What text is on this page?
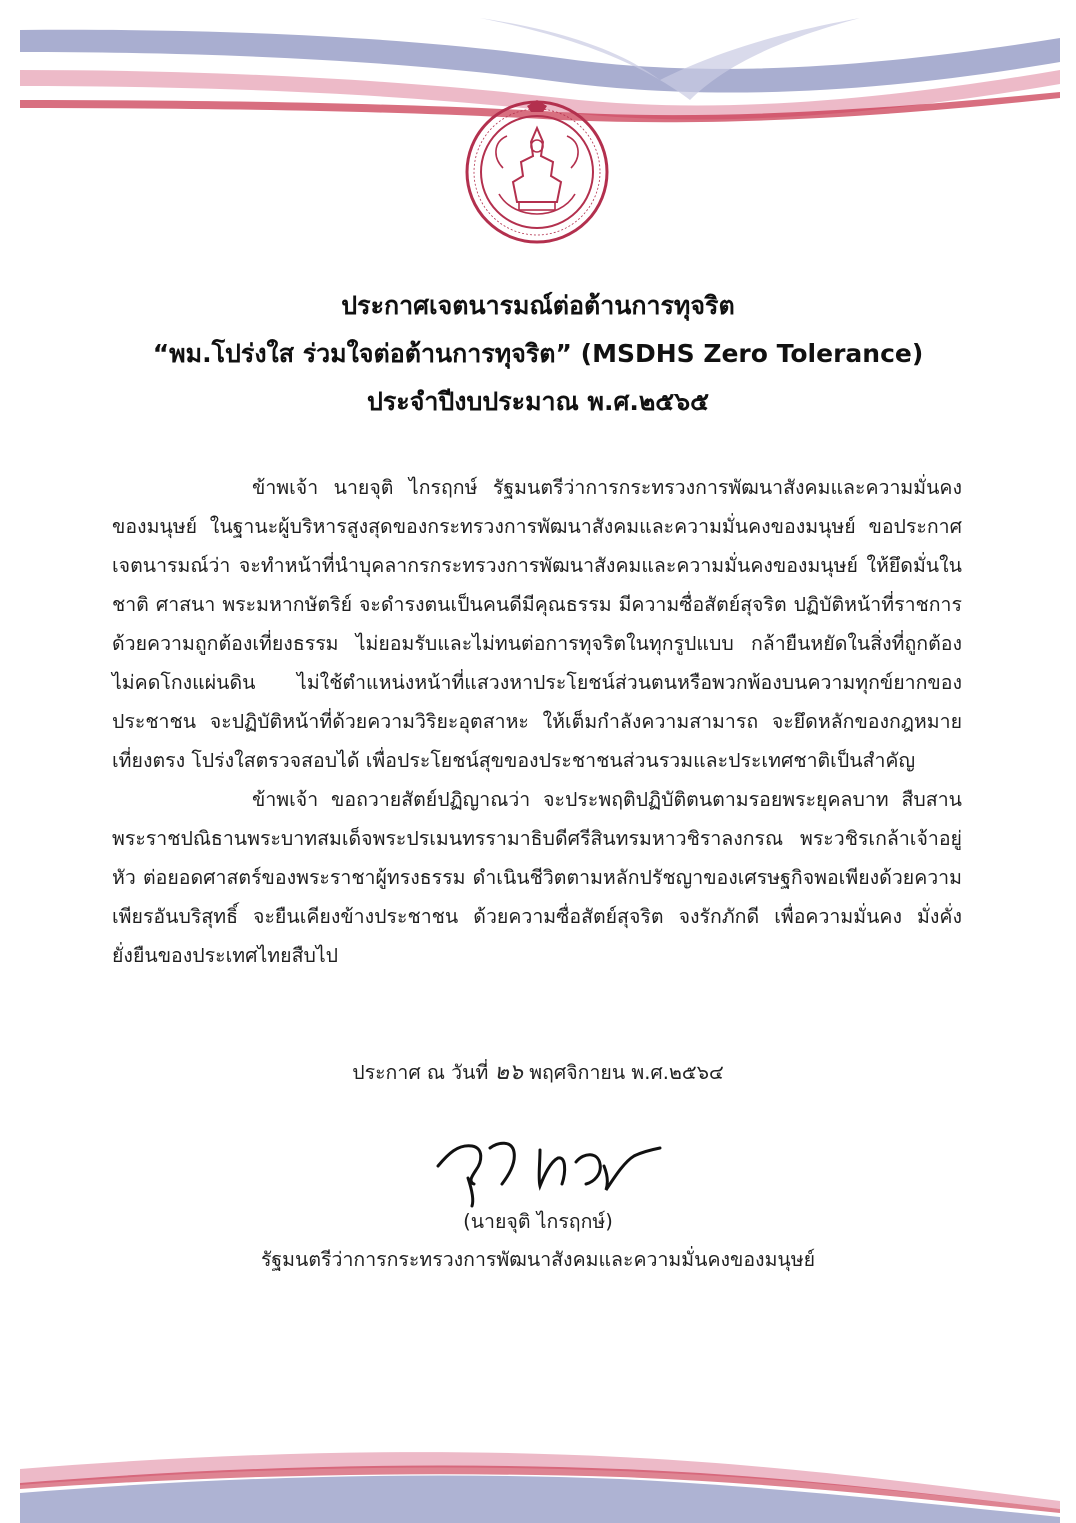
ประกาศเจตนารมณ์ต่อต้านการทุจริต
“พม.โปร่งใส ร่วมใจต่อต้านการทุจริต” (MSDHS Zero Tolerance)
ประจำปีงบประมาณ พ.ศ.๒๕๖๕

ข้าพเจ้า นายจุติ ไกรฤกษ์ รัฐมนตรีว่าการกระทรวงการพัฒนาสังคมและความมั่นคงของมนุษย์ ในฐานะผู้บริหารสูงสุดของกระทรวงการพัฒนาสังคมและความมั่นคงของมนุษย์ ขอประกาศเจตนารมณ์ว่า จะทำหน้าที่นำบุคลากรกระทรวงการพัฒนาสังคมและความมั่นคงของมนุษย์ ให้ยึดมั่นในชาติ ศาสนา พระมหากษัตริย์ จะดำรงตนเป็นคนดีมีคุณธรรม มีความซื่อสัตย์สุจริต ปฏิบัติหน้าที่ราชการ ด้วยความถูกต้องเที่ยงธรรม ไม่ยอมรับและไม่ทนต่อการทุจริตในทุกรูปแบบ กล้ายืนหยัดในสิ่งที่ถูกต้อง ไม่คดโกงแผ่นดิน ไม่ใช้ตำแหน่งหน้าที่แสวงหาประโยชน์ส่วนตนหรือพวกพ้องบนความทุกข์ยากของประชาชน จะปฏิบัติหน้าที่ด้วยความวิริยะอุตสาหะ ให้เต็มกำลังความสามารถ จะยึดหลักของกฎหมาย เที่ยงตรง โปร่งใสตรวจสอบได้ เพื่อประโยชน์สุขของประชาชนส่วนรวมและประเทศชาติเป็นสำคัญ

ข้าพเจ้า ขอถวายสัตย์ปฏิญาณว่า จะประพฤติปฏิบัติตนตามรอยพระยุคลบาท สืบสานพระราชปณิธานพระบาทสมเด็จพระปรเมนทรรามาธิบดีศรีสินทรมหาวชิราลงกรณ พระวชิรเกล้าเจ้าอยู่หัว ต่อยอดศาสตร์ของพระราชาผู้ทรงธรรม ดำเนินชีวิตตามหลักปรัชญาของเศรษฐกิจพอเพียงด้วยความเพียรอันบริสุทธิ์ จะยืนเคียงข้างประชาชน ด้วยความซื่อสัตย์สุจริต จงรักภักดี เพื่อความมั่นคง มั่งคั่ง ยั่งยืนของประเทศไทยสืบไป

ประกาศ ณ วันที่ ๒๖ พฤศจิกายน พ.ศ.๒๕๖๔
(นายจุติ ไกรฤกษ์)
รัฐมนตรีว่าการกระทรวงการพัฒนาสังคมและความมั่นคงของมนุษย์
